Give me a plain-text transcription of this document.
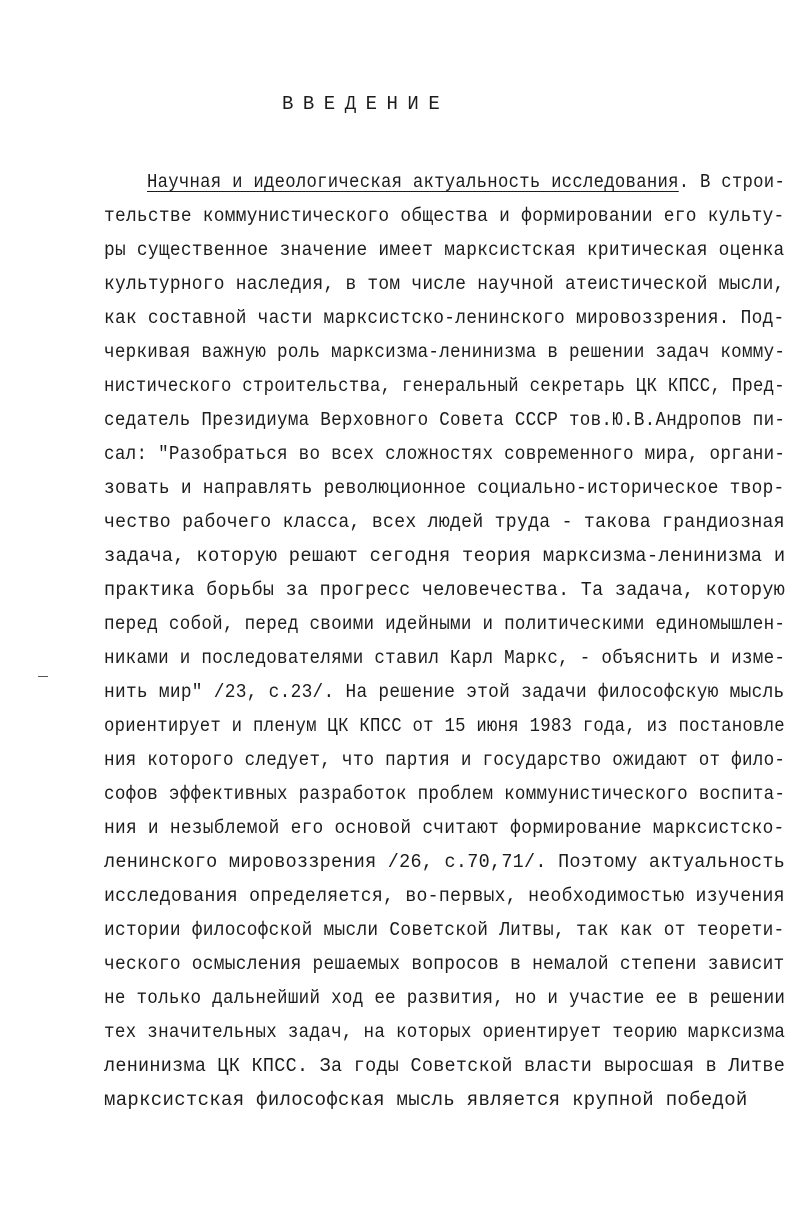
ВВЕДЕНИЕ
Научная и идеологическая актуальность исследования. В строи-
тельстве коммунистического общества и формировании его культу-
ры существенное значение имеет марксистская критическая оценка
культурного наследия, в том числе научной атеистической мысли,
как составной части марксистско-ленинского мировоззрения. Под-
черкивая важную роль марксизма-ленинизма в решении задач комму-
нистического строительства, генеральный секретарь ЦК КПСС, Пред-
седатель Президиума Верховного Совета СССР тов.Ю.В.Андропов пи-
сал: "Разобраться во всех сложностях современного мира, органи-
зовать и направлять революционное социально-историческое твор-
чество рабочего класса, всех людей труда - такова грандиозная
задача, которую решают сегодня теория марксизма-ленинизма и
практика борьбы за прогресс человечества. Та задача, которую
перед собой, перед своими идейными и политическими единомышлен-
никами и последователями ставил Карл Маркс, - объяснить и изме-
нить мир" /23, с.23/. На решение этой задачи философскую мысль
ориентирует и пленум ЦК КПСС от 15 июня 1983 года, из постановле
ния которого следует, что партия и государство ожидают от фило-
софов эффективных разработок проблем коммунистического воспита-
ния и незыблемой его основой считают формирование марксистско-
ленинского мировоззрения /26, с.70,71/. Поэтому актуальность
исследования определяется, во-первых, необходимостью изучения
истории философской мысли Советской Литвы, так как от теорети-
ческого осмысления решаемых вопросов в немалой степени зависит
не только дальнейший ход ее развития, но и участие ее в решении
тех значительных задач, на которых ориентирует теорию марксизма
ленинизма ЦК КПСС. За годы Советской власти выросшая в Литве
марксистская философская мысль является крупной победой
